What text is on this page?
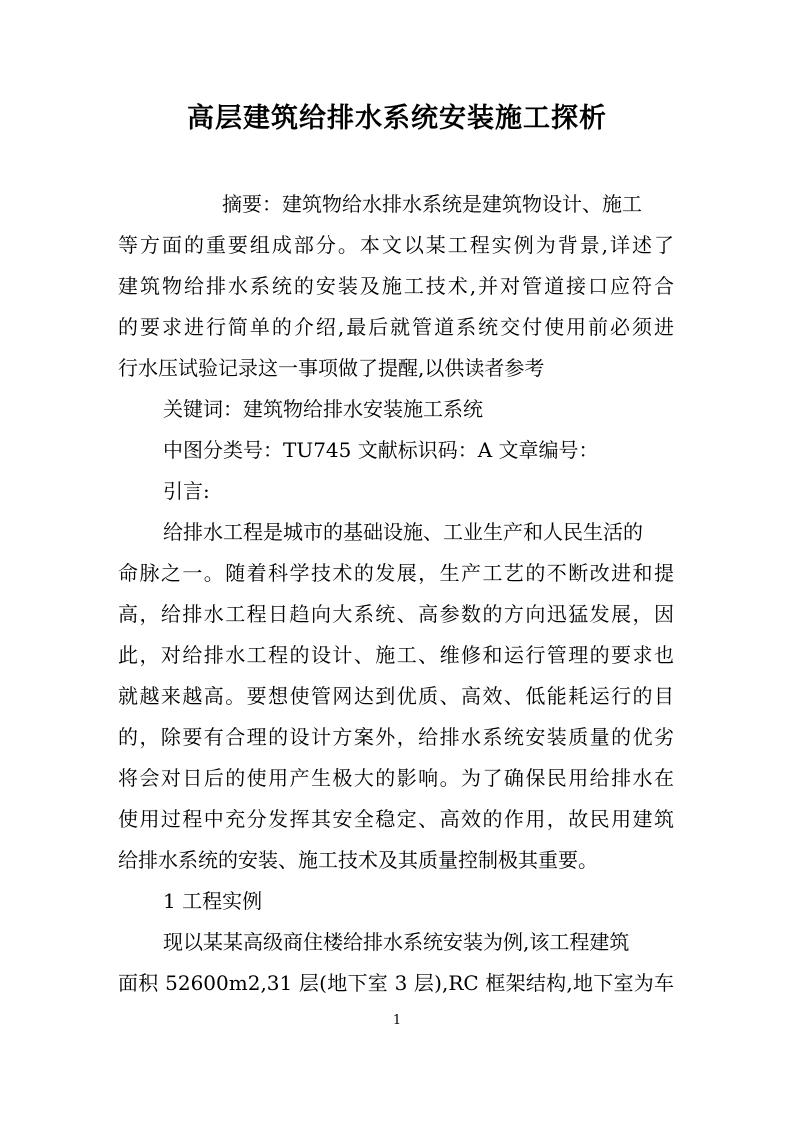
高层建筑给排水系统安装施工探析
摘要：建筑物给水排水系统是建筑物设计、施工
等方面的重要组成部分。本文以某工程实例为背景,详述了
建筑物给排水系统的安装及施工技术,并对管道接口应符合
的要求进行简单的介绍,最后就管道系统交付使用前必须进
行水压试验记录这一事项做了提醒,以供读者参考
关键词：建筑物给排水安装施工系统
中图分类号：TU745 文献标识码：A 文章编号：
引言:
给排水工程是城市的基础设施、工业生产和人民生活的
命脉之一。随着科学技术的发展，生产工艺的不断改进和提
高，给排水工程日趋向大系统、高参数的方向迅猛发展，因
此，对给排水工程的设计、施工、维修和运行管理的要求也
就越来越高。要想使管网达到优质、高效、低能耗运行的目
的，除要有合理的设计方案外，给排水系统安装质量的优劣
将会对日后的使用产生极大的影响。为了确保民用给排水在
使用过程中充分发挥其安全稳定、高效的作用，故民用建筑
给排水系统的安装、施工技术及其质量控制极其重要。
1 工程实例
现以某某高级商住楼给排水系统安装为例,该工程建筑
面积 52600m2,31 层(地下室 3 层),RC 框架结构,地下室为车
1
